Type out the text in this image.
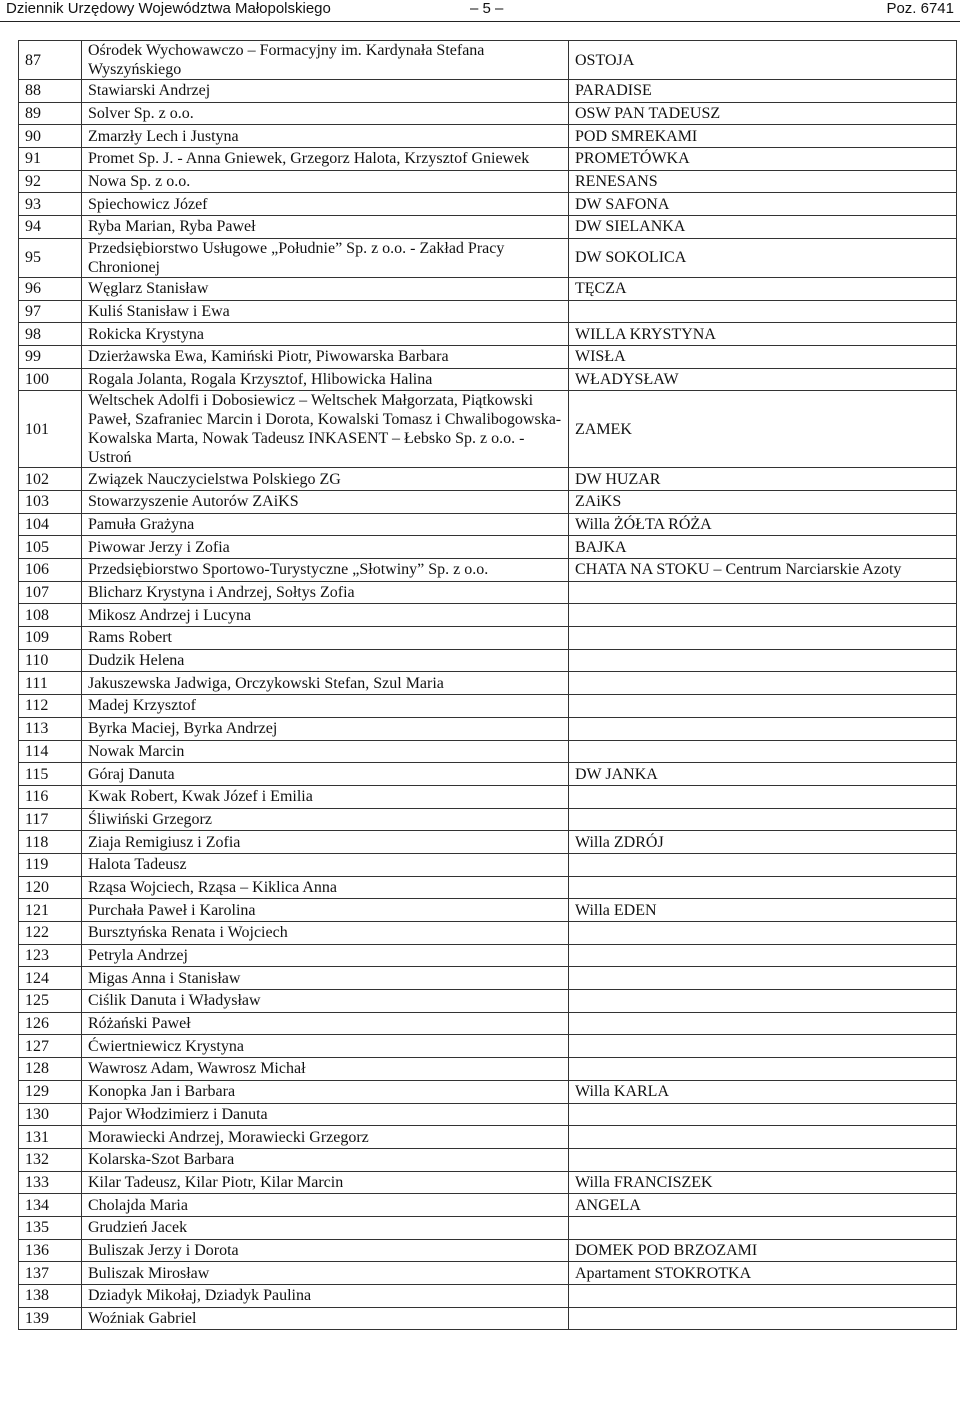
Dziennik Urzędowy Województwa Małopolskiego	– 5 –	Poz. 6741
87	Ośrodek Wychowawczo – Formacyjny im. Kardynała Stefana Wyszyńskiego	OSTOJA
88	Stawiarski Andrzej	PARADISE
89	Solver Sp. z o.o.	OSW PAN TADEUSZ
90	Zmarzły Lech i Justyna	POD SMREKAMI
91	Promet Sp. J. - Anna Gniewek, Grzegorz Halota, Krzysztof Gniewek	PROMETÓWKA
92	Nowa Sp. z o.o.	RENESANS
93	Spiechowicz Józef	DW SAFONA
94	Ryba Marian, Ryba Paweł	DW SIELANKA
95	Przedsiębiorstwo Usługowe „Południe” Sp. z o.o. - Zakład Pracy Chronionej	DW SOKOLICA
96	Węglarz Stanisław	TĘCZA
97	Kuliś Stanisław i Ewa	
98	Rokicka Krystyna	WILLA KRYSTYNA
99	Dzierżawska Ewa, Kamiński Piotr, Piwowarska Barbara	WISŁA
100	Rogala Jolanta, Rogala Krzysztof, Hlibowicka Halina	WŁADYSŁAW
101	Weltschek Adolfi i Dobosiewicz – Weltschek Małgorzata, Piątkowski Paweł, Szafraniec Marcin i Dorota, Kowalski Tomasz i Chwalibogowska-Kowalska Marta, Nowak Tadeusz INKASENT – Łebsko Sp. z o.o. - Ustroń	ZAMEK
102	Związek Nauczycielstwa Polskiego ZG	DW HUZAR
103	Stowarzyszenie Autorów ZAiKS	ZAiKS
104	Pamuła Grażyna	Willa ŻÓŁTA RÓŻA
105	Piwowar Jerzy i Zofia	BAJKA
106	Przedsiębiorstwo Sportowo-Turystyczne „Słotwiny” Sp. z o.o.	CHATA NA STOKU – Centrum Narciarskie Azoty
107	Blicharz Krystyna i Andrzej, Sołtys Zofia	
108	Mikosz Andrzej i Lucyna	
109	Rams Robert	
110	Dudzik Helena	
111	Jakuszewska Jadwiga, Orczykowski Stefan, Szul Maria	
112	Madej Krzysztof	
113	Byrka Maciej, Byrka Andrzej	
114	Nowak Marcin	
115	Góraj Danuta	DW JANKA
116	Kwak Robert, Kwak Józef i Emilia	
117	Śliwiński Grzegorz	
118	Ziaja Remigiusz i Zofia	Willa ZDRÓJ
119	Halota Tadeusz	
120	Rząsa Wojciech, Rząsa – Kiklica Anna	
121	Purchała Paweł i Karolina	Willa EDEN
122	Bursztyńska Renata i Wojciech	
123	Petryla Andrzej	
124	Migas Anna i Stanisław	
125	Ciślik Danuta i Władysław	
126	Różański Paweł	
127	Ćwiertniewicz Krystyna	
128	Wawrosz Adam, Wawrosz Michał	
129	Konopka Jan i Barbara	Willa KARLA
130	Pajor Włodzimierz i Danuta	
131	Morawiecki Andrzej, Morawiecki Grzegorz	
132	Kolarska-Szot Barbara	
133	Kilar Tadeusz, Kilar Piotr, Kilar Marcin	Willa FRANCISZEK
134	Cholajda Maria	ANGELA
135	Grudzień Jacek	
136	Buliszak Jerzy i Dorota	DOMEK POD BRZOZAMI
137	Buliszak Mirosław	Apartament STOKROTKA
138	Dziadyk Mikołaj, Dziadyk Paulina	
139	Woźniak Gabriel	
